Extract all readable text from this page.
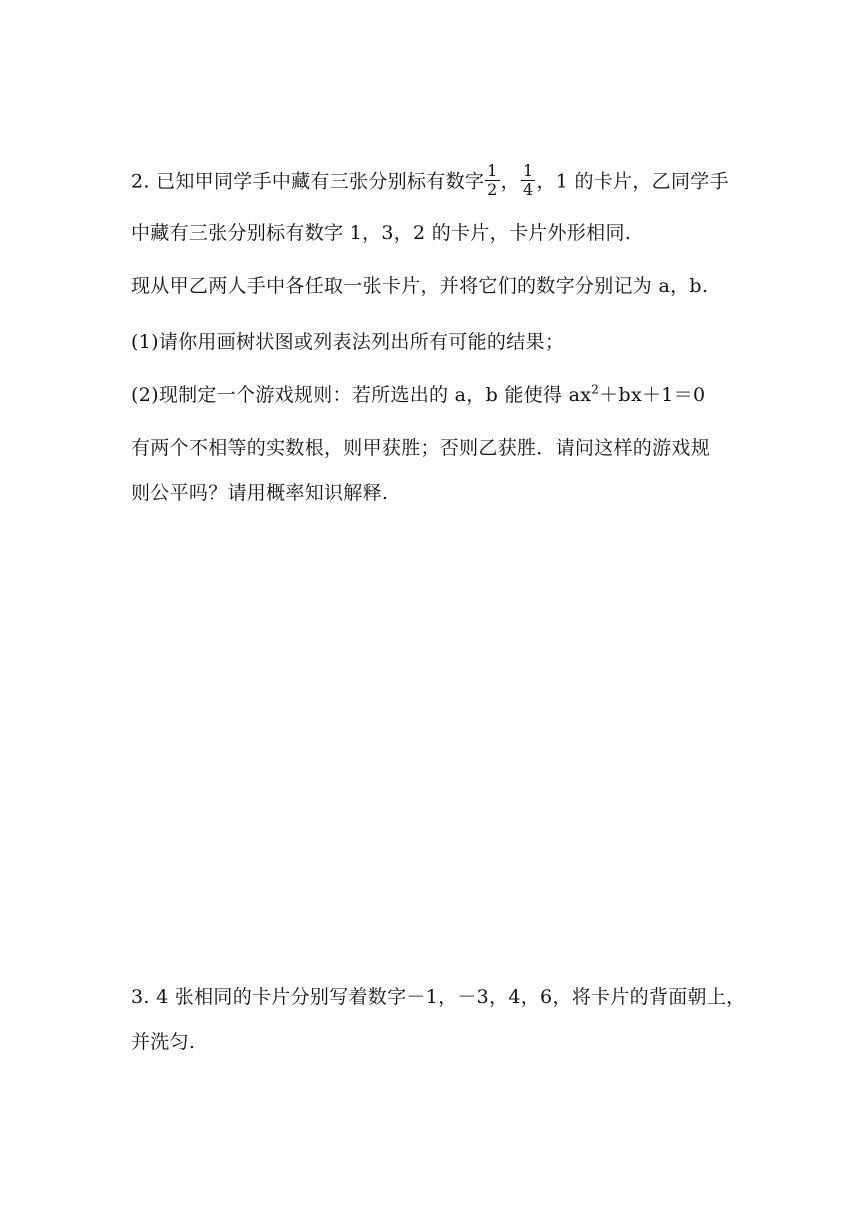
2. 已知甲同学手中藏有三张分别标有数字 $\frac{1}{2}$ ， $\frac{1}{4}$ ，1 的卡片，乙同学手
中藏有三张分别标有数字 1，3，2 的卡片，卡片外形相同.
现从甲乙两人手中各任取一张卡片，并将它们的数字分别记为 a，b.
(1)请你用画树状图或列表法列出所有可能的结果；
(2)现制定一个游戏规则：若所选出的 a，b 能使得 $ax^2+bx+1=0$
有两个不相等的实数根，则甲获胜；否则乙获胜．请问这样的游戏规
则公平吗？请用概率知识解释.
3. 4 张相同的卡片分别写着数字－1，－3，4，6，将卡片的背面朝上，
并洗匀.
